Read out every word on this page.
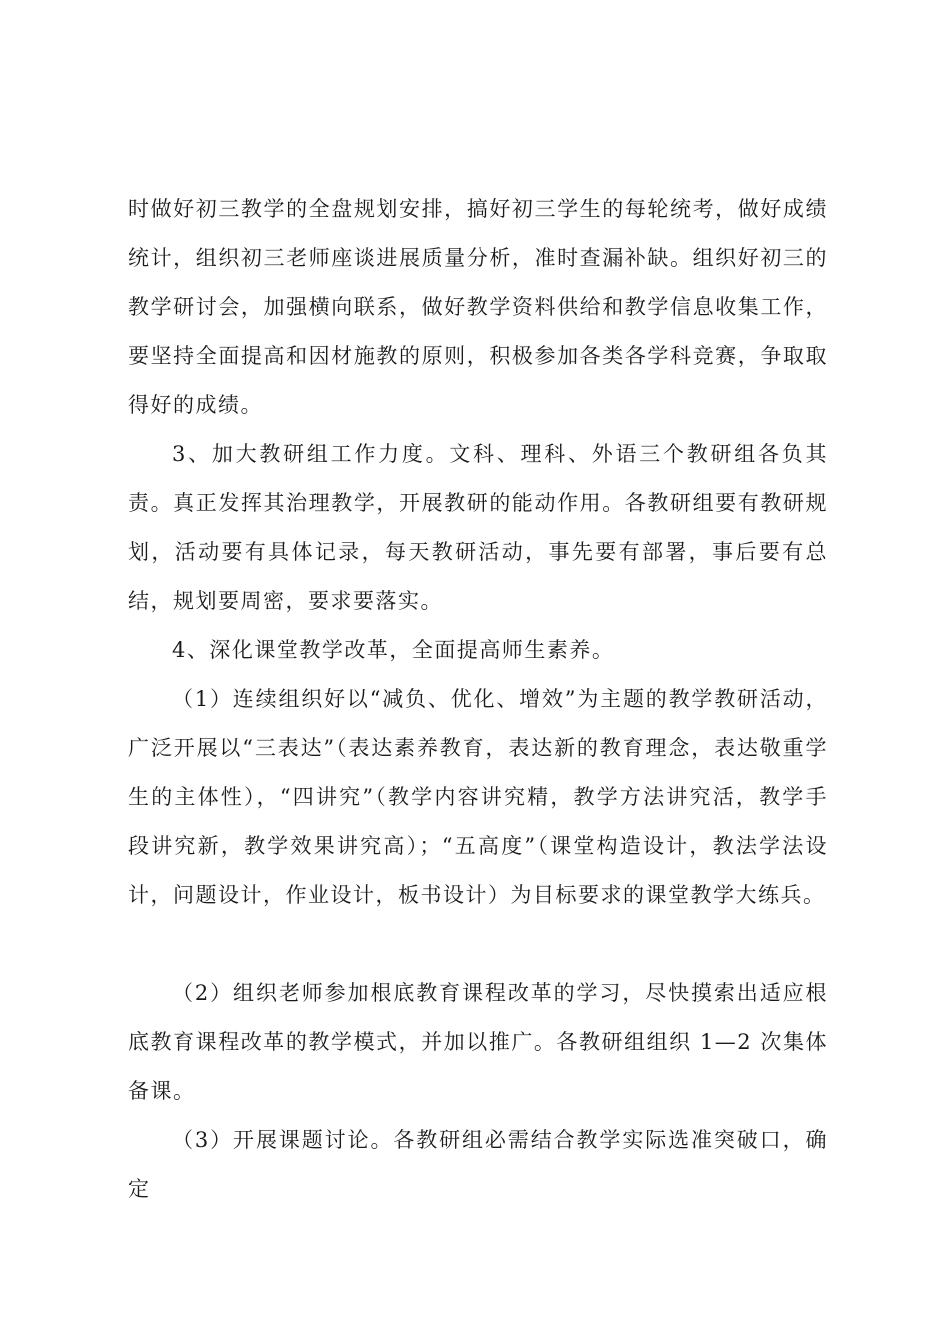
时做好初三教学的全盘规划安排，搞好初三学生的每轮统考，做好成绩统计，组织初三老师座谈进展质量分析，准时查漏补缺。组织好初三的教学研讨会，加强横向联系，做好教学资料供给和教学信息收集工作，要坚持全面提高和因材施教的原则，积极参加各类各学科竞赛，争取取得好的成绩。

3、加大教研组工作力度。文科、理科、外语三个教研组各负其责。真正发挥其治理教学，开展教研的能动作用。各教研组要有教研规划，活动要有具体记录，每天教研活动，事先要有部署，事后要有总结，规划要周密，要求要落实。

4、深化课堂教学改革，全面提高师生素养。

（1）连续组织好以“减负、优化、增效”为主题的教学教研活动，广泛开展以“三表达”（表达素养教育，表达新的教育理念，表达敬重学生的主体性），“四讲究”（教学内容讲究精，教学方法讲究活，教学手段讲究新，教学效果讲究高）；“五高度”（课堂构造设计，教法学法设计，问题设计，作业设计，板书设计）为目标要求的课堂教学大练兵。

（2）组织老师参加根底教育课程改革的学习，尽快摸索出适应根底教育课程改革的教学模式，并加以推广。各教研组组织 1—2 次集体备课。

（3）开展课题讨论。各教研组必需结合教学实际选准突破口，确定
